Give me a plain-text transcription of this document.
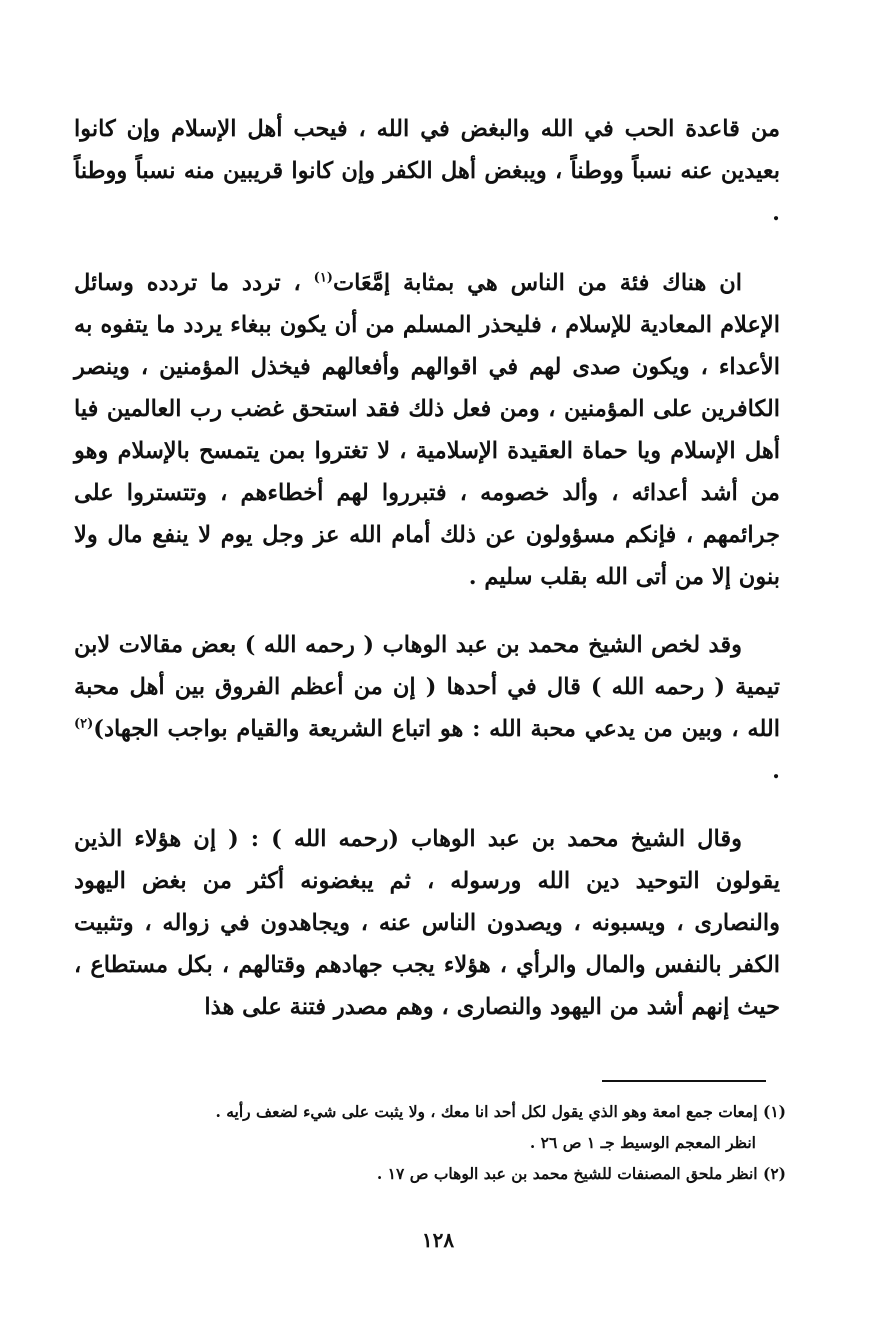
من قاعدة الحب في الله والبغض في الله ، فيحب أهل الإسلام وإن كانوا بعيدين عنه نسباً ووطناً ، ويبغض أهل الكفر وإن كانوا قريبين منه نسباً ووطناً .

ان هناك فئة من الناس هي بمثابة إمَّعَات$^{(١)}$ ، تردد ما تردده وسائل الإعلام المعادية للإسلام ، فليحذر المسلم من أن يكون ببغاء يردد ما يتفوه به الأعداء ، ويكون صدى لهم في اقوالهم وأفعالهم فيخذل المؤمنين ، وينصر الكافرين على المؤمنين ، ومن فعل ذلك فقد استحق غضب رب العالمين فيا أهل الإسلام ويا حماة العقيدة الإسلامية ، لا تغتروا بمن يتمسح بالإسلام وهو من أشد أعدائه ، وألد خصومه ، فتبرروا لهم أخطاءهم ، وتتستروا على جرائمهم ، فإنكم مسؤولون عن ذلك أمام الله عز وجل يوم لا ينفع مال ولا بنون إلا من أتى الله بقلب سليم .

وقد لخص الشيخ محمد بن عبد الوهاب ( رحمه الله ) بعض مقالات لابن تيمية ( رحمه الله ) قال في أحدها ( إن من أعظم الفروق بين أهل محبة الله ، وبين من يدعي محبة الله : هو اتباع الشريعة والقيام بواجب الجهاد)$^{(٢)}$ .

وقال الشيخ محمد بن عبد الوهاب (رحمه الله ) : ( إن هؤلاء الذين يقولون التوحيد دين الله ورسوله ، ثم يبغضونه أكثر من بغض اليهود والنصارى ، ويسبونه ، ويصدون الناس عنه ، ويجاهدون في زواله ، وتثبيت الكفر بالنفس والمال والرأي ، هؤلاء يجب جهادهم وقتالهم ، بكل مستطاع ، حيث إنهم أشد من اليهود والنصارى ، وهم مصدر فتنة على هذا

(١) إمعات جمع امعة وهو الذي يقول لكل أحد انا معك ، ولا يثبت على شيء لضعف رأيه .

انظر المعجم الوسيط جـ ١ ص ٢٦ .

(٢) انظر ملحق المصنفات للشيخ محمد بن عبد الوهاب ص ١٧ .

١٢٨
